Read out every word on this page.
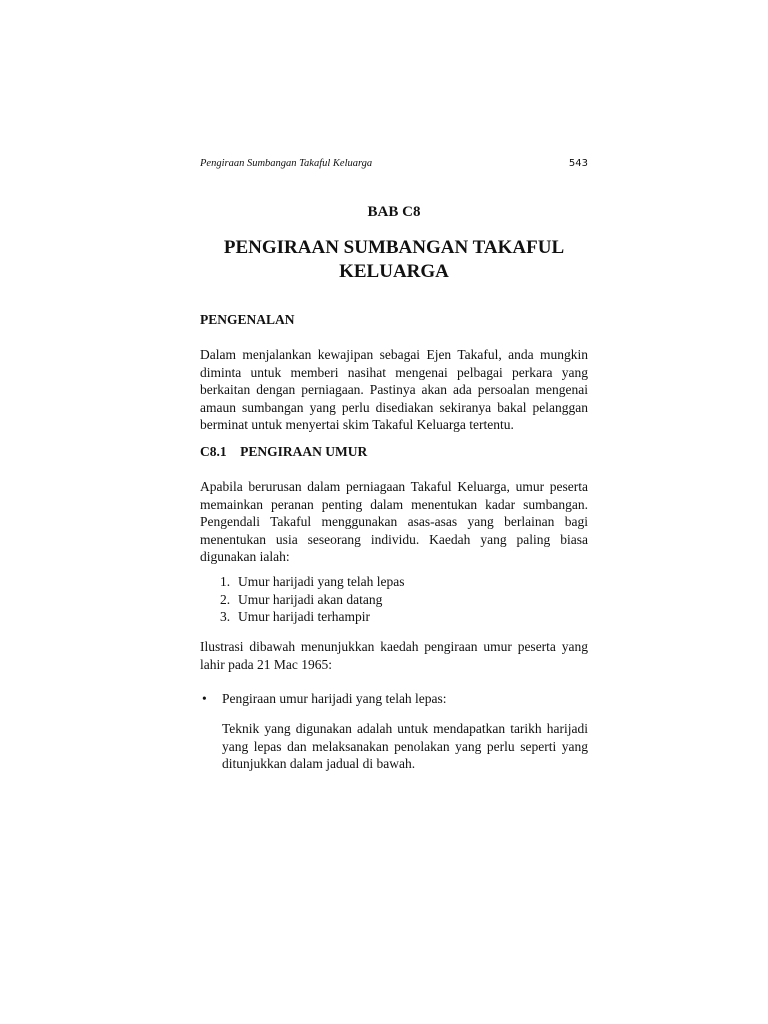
Pengiraan Sumbangan Takaful Keluarga	543
BAB C8
PENGIRAAN SUMBANGAN TAKAFUL
KELUARGA
PENGENALAN
Dalam menjalankan kewajipan sebagai Ejen Takaful, anda mungkin diminta untuk memberi nasihat mengenai pelbagai perkara yang berkaitan dengan perniagaan. Pastinya akan ada persoalan mengenai amaun sumbangan yang perlu disediakan sekiranya bakal pelanggan berminat untuk menyertai skim Takaful Keluarga tertentu.
C8.1    PENGIRAAN UMUR
Apabila berurusan dalam perniagaan Takaful Keluarga, umur peserta memainkan peranan penting dalam menentukan kadar sumbangan. Pengendali Takaful menggunakan asas-asas yang berlainan bagi menentukan usia seseorang individu. Kaedah yang paling biasa digunakan ialah:
1. Umur harijadi yang telah lepas
2. Umur harijadi akan datang
3. Umur harijadi terhampir
Ilustrasi dibawah menunjukkan kaedah pengiraan umur peserta yang lahir pada 21 Mac 1965:
• Pengiraan umur harijadi yang telah lepas:
Teknik yang digunakan adalah untuk mendapatkan tarikh harijadi yang lepas dan melaksanakan penolakan yang perlu seperti yang ditunjukkan dalam jadual di bawah.
